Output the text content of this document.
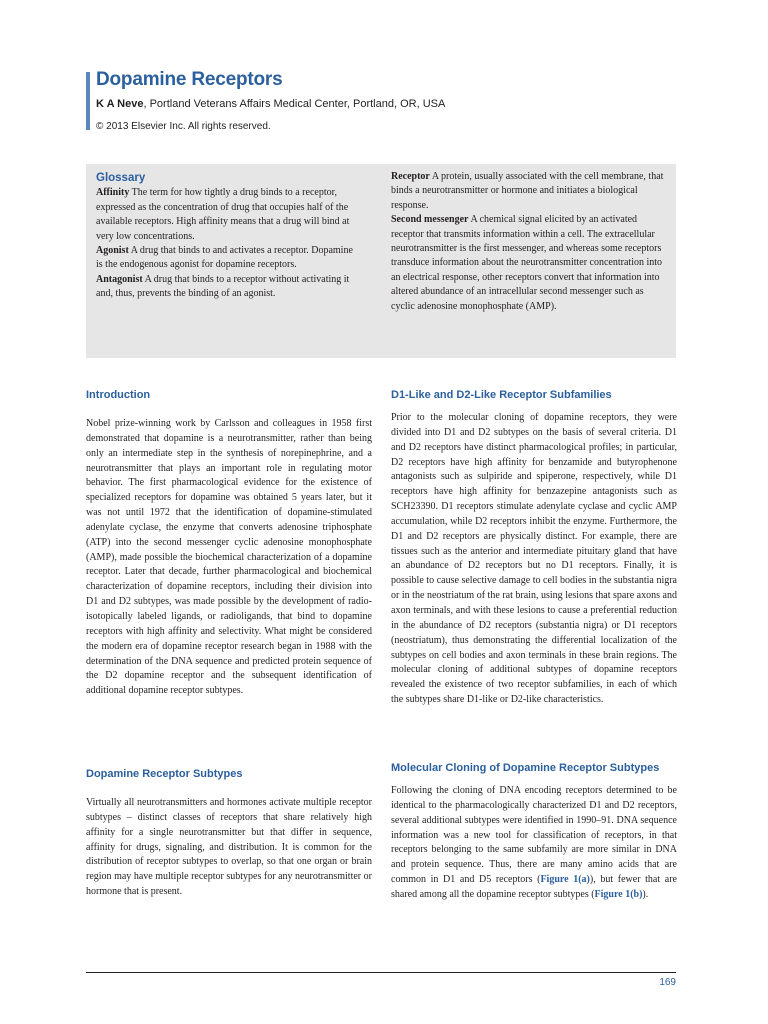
Dopamine Receptors
K A Neve, Portland Veterans Affairs Medical Center, Portland, OR, USA
© 2013 Elsevier Inc. All rights reserved.
Glossary

Affinity The term for how tightly a drug binds to a receptor, expressed as the concentration of drug that occupies half of the available receptors. High affinity means that a drug will bind at very low concentrations.

Agonist A drug that binds to and activates a receptor. Dopamine is the endogenous agonist for dopamine receptors.

Antagonist A drug that binds to a receptor without activating it and, thus, prevents the binding of an agonist.

Receptor A protein, usually associated with the cell membrane, that binds a neurotransmitter or hormone and initiates a biological response.

Second messenger A chemical signal elicited by an activated receptor that transmits information within a cell. The extracellular neurotransmitter is the first messenger, and whereas some receptors transduce information about the neurotransmitter concentration into an electrical response, other receptors convert that information into altered abundance of an intracellular second messenger such as cyclic adenosine monophosphate (AMP).

Introduction

Nobel prize-winning work by Carlsson and colleagues in 1958 first demonstrated that dopamine is a neurotransmitter, rather than being only an intermediate step in the synthesis of norepinephrine, and a neurotransmitter that plays an important role in regulating motor behavior. The first pharmacological evidence for the existence of specialized receptors for dopamine was obtained 5 years later, but it was not until 1972 that the identification of dopamine-stimulated adenylate cyclase, the enzyme that converts adenosine triphosphate (ATP) into the second messenger cyclic adenosine monophosphate (AMP), made possible the biochemical characterization of a dopamine receptor. Later that decade, further pharmacological and biochemical characterization of dopamine receptors, including their division into D1 and D2 subtypes, was made possible by the development of radioisotopically labeled ligands, or radioligands, that bind to dopamine receptors with high affinity and selectivity. What might be considered the modern era of dopamine receptor research began in 1988 with the determination of the DNA sequence and predicted protein sequence of the D2 dopamine receptor and the subsequent identification of additional dopamine receptor subtypes.

Dopamine Receptor Subtypes

Virtually all neurotransmitters and hormones activate multiple receptor subtypes – distinct classes of receptors that share relatively high affinity for a single neurotransmitter but that differ in sequence, affinity for drugs, signaling, and distribution. It is common for the distribution of receptor subtypes to overlap, so that one organ or brain region may have multiple receptor subtypes for any neurotransmitter or hormone that is present.

D1-Like and D2-Like Receptor Subfamilies

Prior to the molecular cloning of dopamine receptors, they were divided into D1 and D2 subtypes on the basis of several criteria. D1 and D2 receptors have distinct pharmacological profiles; in particular, D2 receptors have high affinity for benzamide and butyrophenone antagonists such as sulpiride and spiperone, respectively, while D1 receptors have high affinity for benzazepine antagonists such as SCH23390. D1 receptors stimulate adenylate cyclase and cyclic AMP accumulation, while D2 receptors inhibit the enzyme. Furthermore, the D1 and D2 receptors are physically distinct. For example, there are tissues such as the anterior and intermediate pituitary gland that have an abundance of D2 receptors but no D1 receptors. Finally, it is possible to cause selective damage to cell bodies in the substantia nigra or in the neostriatum of the rat brain, using lesions that spare axons and axon terminals, and with these lesions to cause a preferential reduction in the abundance of D2 receptors (substantia nigra) or D1 receptors (neostriatum), thus demonstrating the differential localization of the subtypes on cell bodies and axon terminals in these brain regions. The molecular cloning of additional subtypes of dopamine receptors revealed the existence of two receptor subfamilies, in each of which the subtypes share D1-like or D2-like characteristics.

Molecular Cloning of Dopamine Receptor Subtypes

Following the cloning of DNA encoding receptors determined to be identical to the pharmacologically characterized D1 and D2 receptors, several additional subtypes were identified in 1990–91. DNA sequence information was a new tool for classification of receptors, in that receptors belonging to the same subfamily are more similar in DNA and protein sequence. Thus, there are many amino acids that are common in D1 and D5 receptors (Figure 1(a)), but fewer that are shared among all the dopamine receptor subtypes (Figure 1(b)).

169
